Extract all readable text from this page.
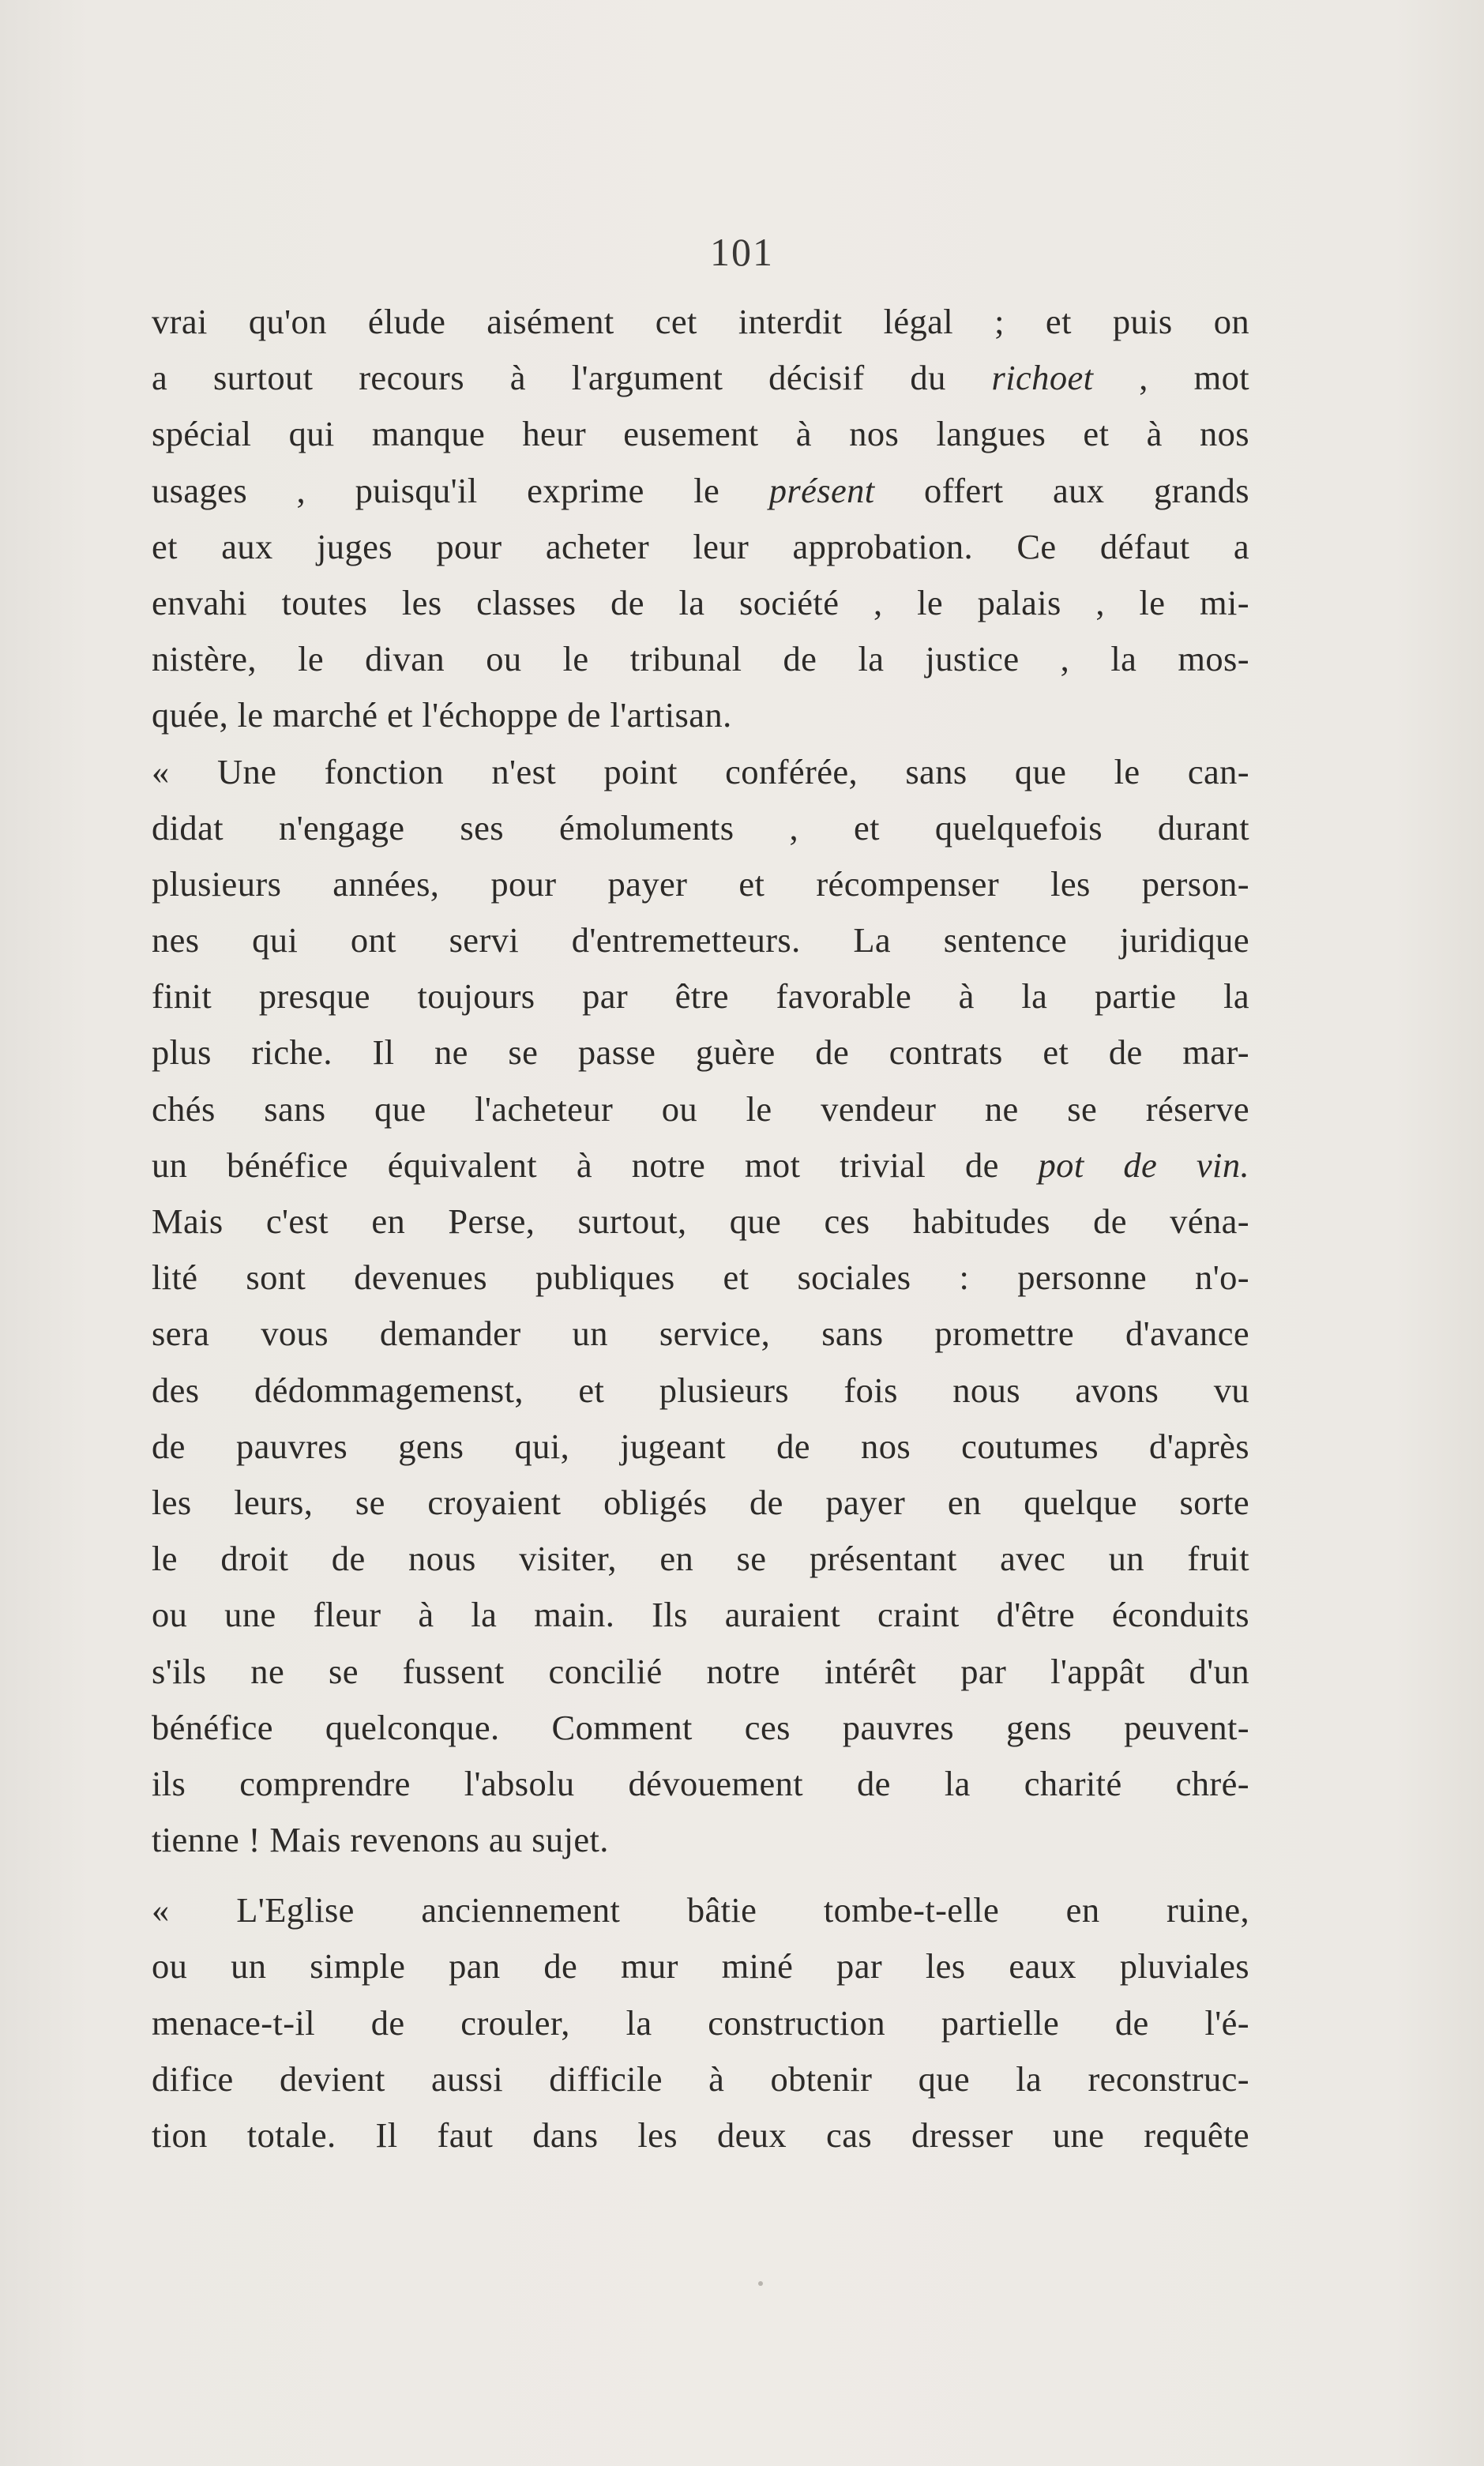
101
vrai qu'on élude aisément cet interdit légal ; et puis on
a surtout recours à l'argument décisif du richoet , mot
spécial qui manque heur eusement à nos langues et à nos
usages , puisqu'il exprime le présent offert aux grands
et aux juges pour acheter leur approbation. Ce défaut a
envahi toutes les classes de la société , le palais , le mi-
nistère, le divan ou le tribunal de la justice , la mos-
quée, le marché et l'échoppe de l'artisan.
« Une fonction n'est point conférée, sans que le can-
didat n'engage ses émoluments , et quelquefois durant
plusieurs années, pour payer et récompenser les person-
nes qui ont servi d'entremetteurs. La sentence juridique
finit presque toujours par être favorable à la partie la
plus riche. Il ne se passe guère de contrats et de mar-
chés sans que l'acheteur ou le vendeur ne se réserve
un bénéfice équivalent à notre mot trivial de pot de vin.
Mais c'est en Perse, surtout, que ces habitudes de véna-
lité sont devenues publiques et sociales : personne n'o-
sera vous demander un service, sans promettre d'avance
des dédommagemenst, et plusieurs fois nous avons vu
de pauvres gens qui, jugeant de nos coutumes d'après
les leurs, se croyaient obligés de payer en quelque sorte
le droit de nous visiter, en se présentant avec un fruit
ou une fleur à la main. Ils auraient craint d'être éconduits
s'ils ne se fussent concilié notre intérêt par l'appât d'un
bénéfice quelconque. Comment ces pauvres gens peuvent-
ils comprendre l'absolu dévouement de la charité chré-
tienne ! Mais revenons au sujet.
« L'Eglise anciennement bâtie tombe-t-elle en ruine,
ou un simple pan de mur miné par les eaux pluviales
menace-t-il de crouler, la construction partielle de l'é-
difice devient aussi difficile à obtenir que la reconstruc-
tion totale. Il faut dans les deux cas dresser une requête
